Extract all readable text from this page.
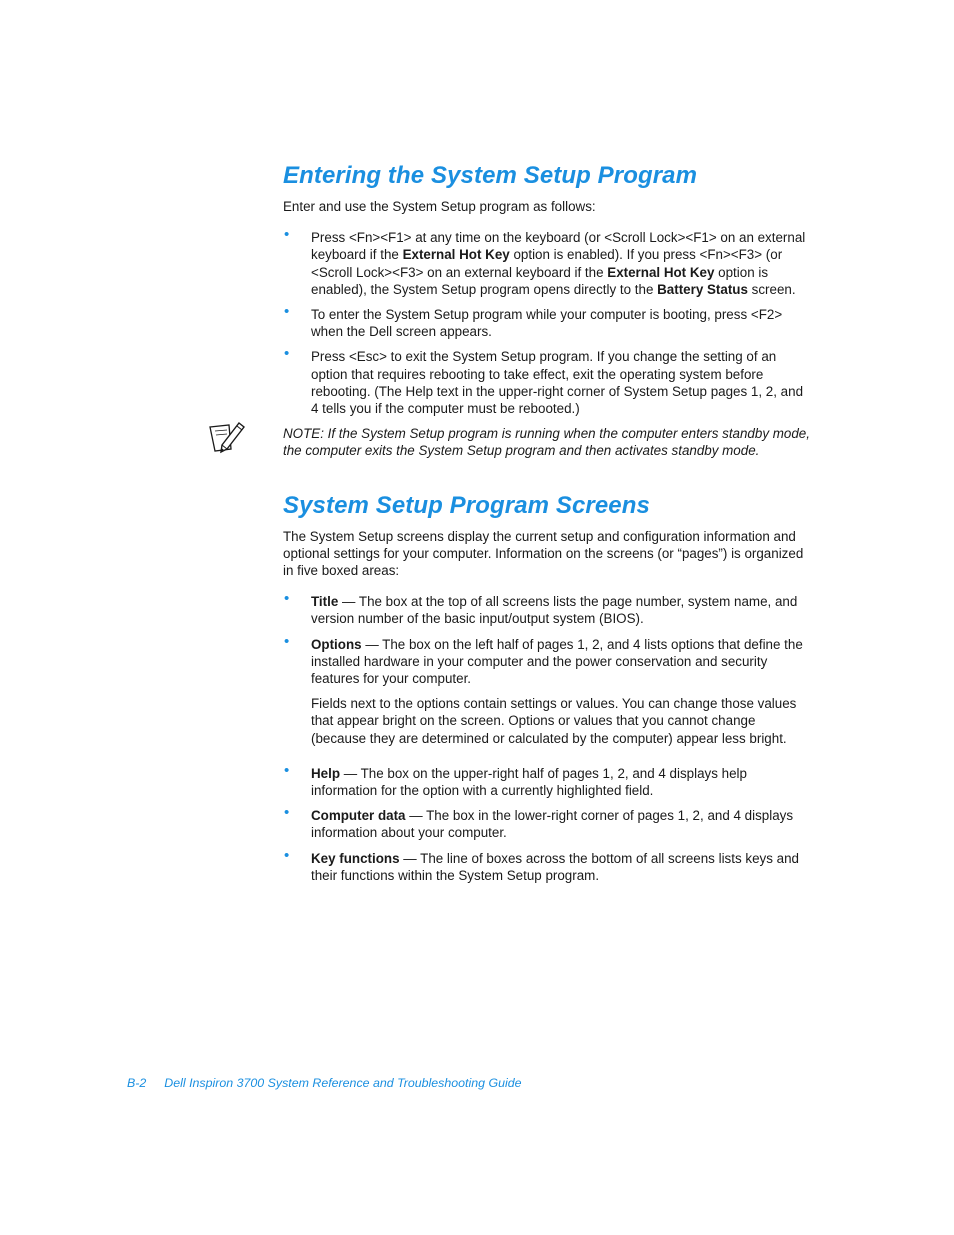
Entering the System Setup Program

Enter and use the System Setup program as follows:

• Press <Fn><F1> at any time on the keyboard (or <Scroll Lock><F1> on an external keyboard if the External Hot Key option is enabled). If you press <Fn><F3> (or <Scroll Lock><F3> on an external keyboard if the External Hot Key option is enabled), the System Setup program opens directly to the Battery Status screen.
• To enter the System Setup program while your computer is booting, press <F2> when the Dell screen appears.
• Press <Esc> to exit the System Setup program. If you change the setting of an option that requires rebooting to take effect, exit the operating system before rebooting. (The Help text in the upper-right corner of System Setup pages 1, 2, and 4 tells you if the computer must be rebooted.)

NOTE: If the System Setup program is running when the computer enters standby mode, the computer exits the System Setup program and then activates standby mode.

System Setup Program Screens

The System Setup screens display the current setup and configuration information and optional settings for your computer. Information on the screens (or “pages”) is organized in five boxed areas:

• Title — The box at the top of all screens lists the page number, system name, and version number of the basic input/output system (BIOS).
• Options — The box on the left half of pages 1, 2, and 4 lists options that define the installed hardware in your computer and the power conservation and security features for your computer.

Fields next to the options contain settings or values. You can change those values that appear bright on the screen. Options or values that you cannot change (because they are determined or calculated by the computer) appear less bright.

• Help — The box on the upper-right half of pages 1, 2, and 4 displays help information for the option with a currently highlighted field.
• Computer data — The box in the lower-right corner of pages 1, 2, and 4 displays information about your computer.
• Key functions — The line of boxes across the bottom of all screens lists keys and their functions within the System Setup program.
B-2 Dell Inspiron 3700 System Reference and Troubleshooting Guide
